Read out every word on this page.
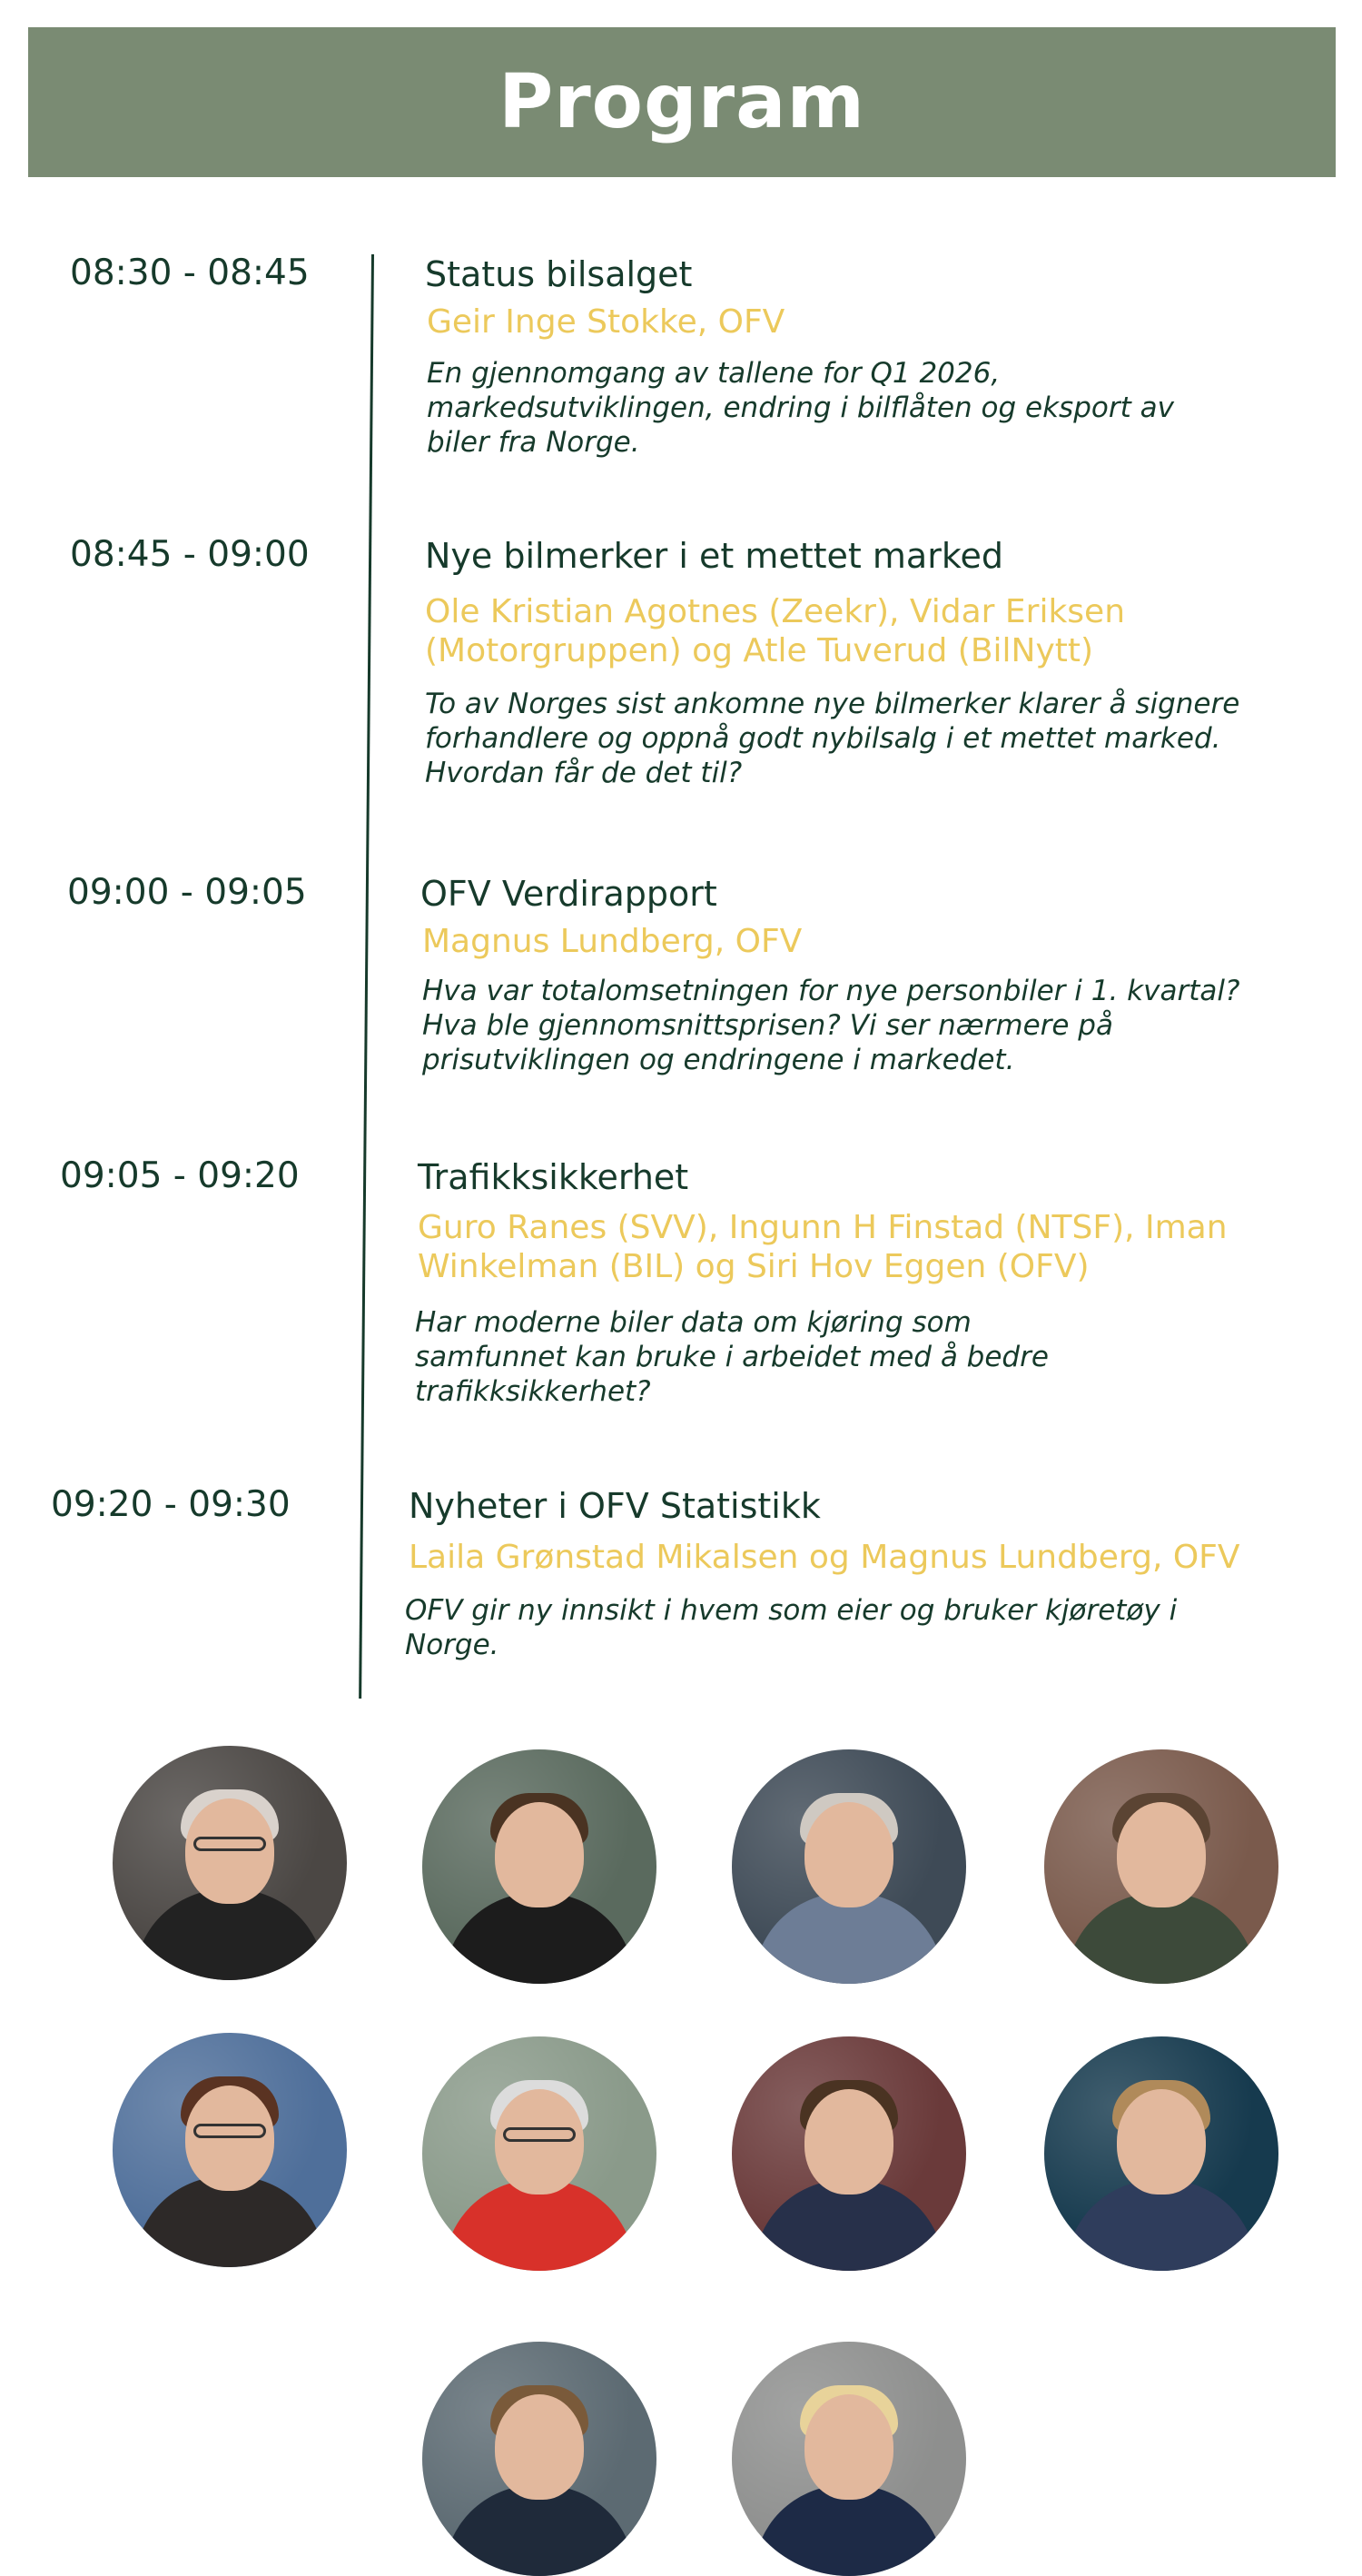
Program
08:30 - 08:45	Status bilsalget
Geir Inge Stokke, OFV
En gjennomgang av tallene for Q1 2026, markedsutviklingen, endring i bilflåten og eksport av biler fra Norge.
08:45 - 09:00	Nye bilmerker i et mettet marked
Ole Kristian Agotnes (Zeekr), Vidar Eriksen (Motorgruppen) og Atle Tuverud (BilNytt)
To av Norges sist ankomne nye bilmerker klarer å signere forhandlere og oppnå godt nybilsalg i et mettet marked. Hvordan får de det til?
09:00 - 09:05	OFV Verdirapport
Magnus Lundberg, OFV
Hva var totalomsetningen for nye personbiler i 1. kvartal? Hva ble gjennomsnittsprisen? Vi ser nærmere på prisutviklingen og endringene i markedet.
09:05 - 09:20	Trafikksikkerhet
Guro Ranes (SVV), Ingunn H Finstad (NTSF), Iman Winkelman (BIL) og Siri Hov Eggen (OFV)
Har moderne biler data om kjøring som samfunnet kan bruke i arbeidet med å bedre trafikksikkerhet?
09:20 - 09:30	Nyheter i OFV Statistikk
Laila Grønstad Mikalsen og Magnus Lundberg, OFV
OFV gir ny innsikt i hvem som eier og bruker kjøretøy i Norge.
